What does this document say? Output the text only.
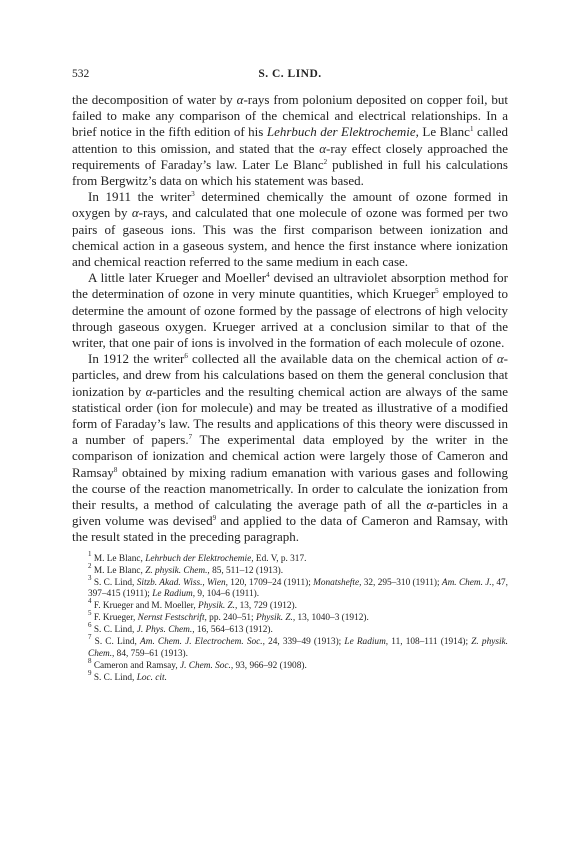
532	S. C. LIND.

the decomposition of water by α-rays from polonium deposited on copper foil, but failed to make any comparison of the chemical and electrical relationships. In a brief notice in the fifth edition of his Lehrbuch der Elektrochemie, Le Blanc$^1$ called attention to this omission, and stated that the α-ray effect closely approached the requirements of Faraday’s law. Later Le Blanc$^2$ published in full his calculations from Bergwitz’s data on which his statement was based.

In 1911 the writer$^3$ determined chemically the amount of ozone formed in oxygen by α-rays, and calculated that one molecule of ozone was formed per two pairs of gaseous ions. This was the first comparison between ionization and chemical action in a gaseous system, and hence the first instance where ionization and chemical reaction referred to the same medium in each case.

A little later Krueger and Moeller$^4$ devised an ultraviolet absorption method for the determination of ozone in very minute quantities, which Krueger$^5$ employed to determine the amount of ozone formed by the passage of electrons of high velocity through gaseous oxygen. Krueger arrived at a conclusion similar to that of the writer, that one pair of ions is involved in the formation of each molecule of ozone.

In 1912 the writer$^6$ collected all the available data on the chemical action of α-particles, and drew from his calculations based on them the general conclusion that ionization by α-particles and the resulting chemical action are always of the same statistical order (ion for molecule) and may be treated as illustrative of a modified form of Faraday’s law. The results and applications of this theory were discussed in a number of papers.$^7$ The experimental data employed by the writer in the comparison of ionization and chemical action were largely those of Cameron and Ramsay$^8$ obtained by mixing radium emanation with various gases and following the course of the reaction manometrically. In order to calculate the ionization from their results, a method of calculating the average path of all the α-particles in a given volume was devised$^9$ and applied to the data of Cameron and Ramsay, with the result stated in the preceding paragraph.

$^1$ M. Le Blanc, Lehrbuch der Elektrochemie, Ed. V, p. 317.

$^2$ M. Le Blanc, Z. physik. Chem., 85, 511–12 (1913).

$^3$ S. C. Lind, Sitzb. Akad. Wiss., Wien, 120, 1709–24 (1911); Monatshefte, 32, 295–310 (1911); Am. Chem. J., 47, 397–415 (1911); Le Radium, 9, 104–6 (1911).

$^4$ F. Krueger and M. Moeller, Physik. Z., 13, 729 (1912).

$^5$ F. Krueger, Nernst Festschrift, pp. 240–51; Physik. Z., 13, 1040–3 (1912).

$^6$ S. C. Lind, J. Phys. Chem., 16, 564–613 (1912).

$^7$ S. C. Lind, Am. Chem. J. Electrochem. Soc., 24, 339–49 (1913); Le Radium, 11, 108–111 (1914); Z. physik. Chem., 84, 759–61 (1913).

$^8$ Cameron and Ramsay, J. Chem. Soc., 93, 966–92 (1908).

$^9$ S. C. Lind, Loc. cit.
